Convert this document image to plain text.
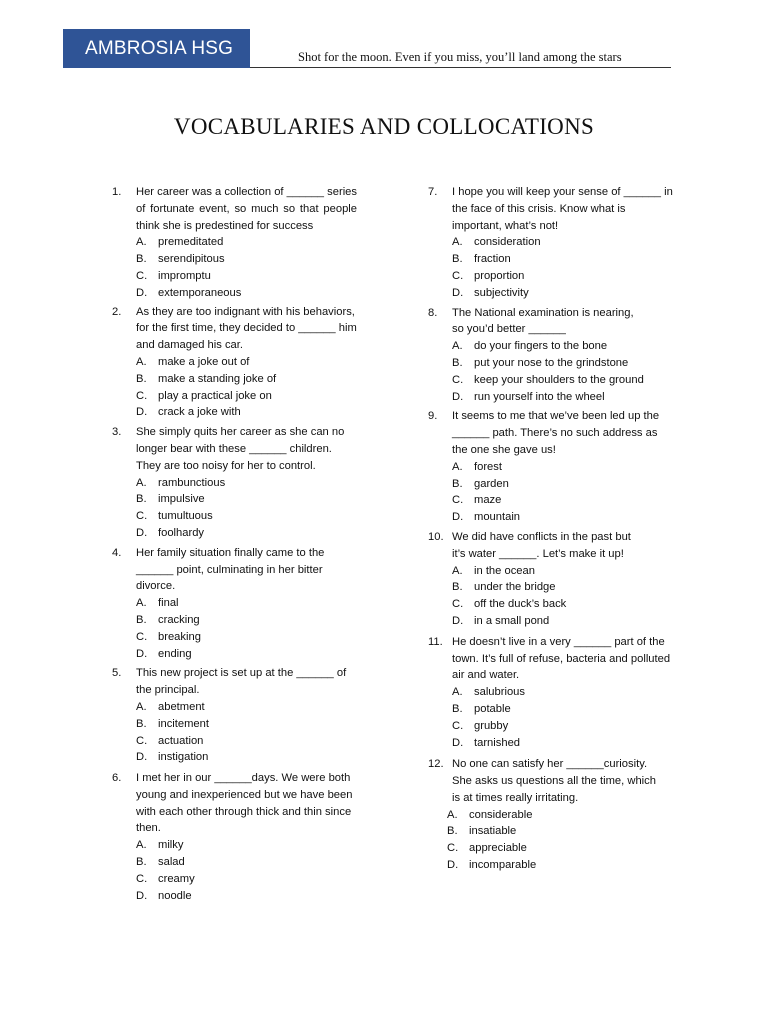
AMBROSIA HSG	Shot for the moon. Even if you miss, you’ll land among the stars
VOCABULARIES AND COLLOCATIONS
1. Her career was a collection of ______ series of fortunate event, so much so that people think she is predestined for success
A. premeditated
B. serendipitous
C. impromptu
D. extemporaneous
2. As they are too indignant with his behaviors, for the first time, they decided to ______ him and damaged his car.
A. make a joke out of
B. make a standing joke of
C. play a practical joke on
D. crack a joke with
3. She simply quits her career as she can no longer bear with these ______ children. They are too noisy for her to control.
A. rambunctious
B. impulsive
C. tumultuous
D. foolhardy
4. Her family situation finally came to the ______ point, culminating in her bitter divorce.
A. final
B. cracking
C. breaking
D. ending
5. This new project is set up at the ______ of the principal.
A. abetment
B. incitement
C. actuation
D. instigation
6. I met her in our ______days. We were both young and inexperienced but we have been with each other through thick and thin since then.
A. milky
B. salad
C. creamy
D. noodle
7. I hope you will keep your sense of ______ in the face of this crisis. Know what is important, what’s not!
A. consideration
B. fraction
C. proportion
D. subjectivity
8. The National examination is nearing, so you’d better ______
A. do your fingers to the bone
B. put your nose to the grindstone
C. keep your shoulders to the ground
D. run yourself into the wheel
9. It seems to me that we’ve been led up the ______ path. There’s no such address as the one she gave us!
A. forest
B. garden
C. maze
D. mountain
10. We did have conflicts in the past but it’s water ______. Let’s make it up!
A. in the ocean
B. under the bridge
C. off the duck’s back
D. in a small pond
11. He doesn’t live in a very ______ part of the town. It’s full of refuse, bacteria and polluted air and water.
A. salubrious
B. potable
C. grubby
D. tarnished
12. No one can satisfy her ______curiosity. She asks us questions all the time, which is at times really irritating.
A. considerable
B. insatiable
C. appreciable
D. incomparable
